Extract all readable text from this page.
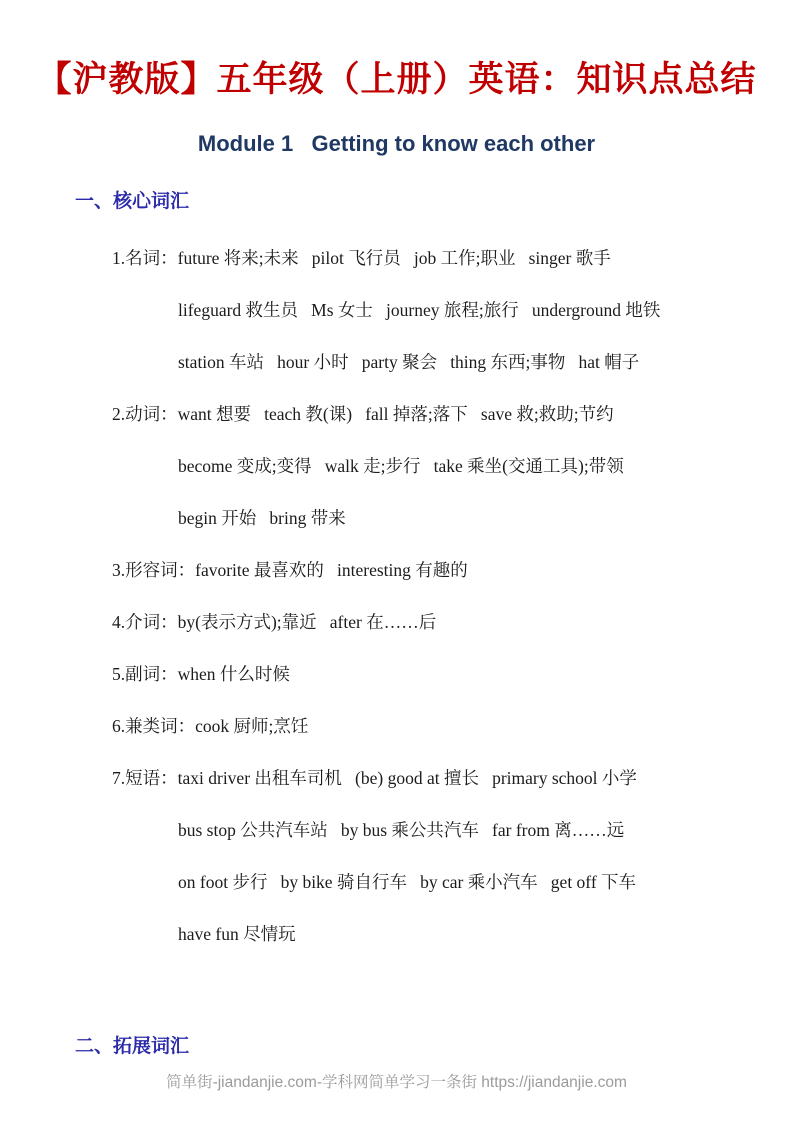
【沪教版】五年级（上册）英语：知识点总结
Module 1   Getting to know each other
一、核心词汇
1.名词：future 将来;未来   pilot 飞行员   job 工作;职业   singer 歌手
lifeguard 救生员   Ms 女士   journey 旅程;旅行   underground 地铁
station 车站   hour 小时   party 聚会   thing 东西;事物   hat 帽子
2.动词：want 想要   teach 教(课)   fall 掉落;落下   save 救;救助;节约
become 变成;变得   walk 走;步行   take 乘坐(交通工具);带领
begin 开始   bring 带来
3.形容词：favorite 最喜欢的   interesting 有趣的
4.介词：by(表示方式);靠近   after 在……后
5.副词：when 什么时候
6.兼类词：cook 厨师;烹饪
7.短语：taxi driver 出租车司机   (be) good at 擅长   primary school 小学
bus stop 公共汽车站   by bus 乘公共汽车   far from 离……远
on foot 步行   by bike 骑自行车   by car 乘小汽车   get off 下车
have fun 尽情玩
二、拓展词汇
简单街-jiandanjie.com-学科网简单学习一条街 https://jiandanjie.com
